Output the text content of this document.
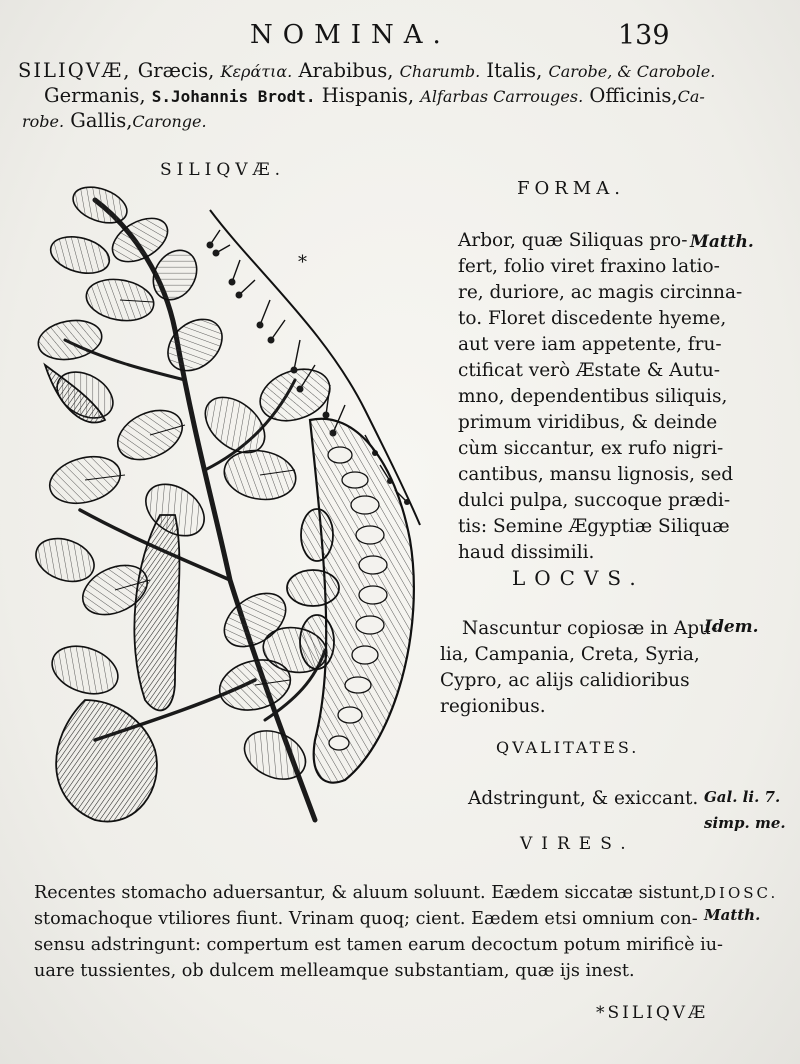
NOMINA.	139
SILIQVÆ, Græcis, Κεράτια. Arabibus, Charumb. Italis, Carobe, & Carobole.
Germanis, S.Johannis Brodt. Hispanis, Alfarbas Carrouges. Officinis,Ca-
robe. Gallis,Caronge.
SILIQVÆ.
*
FORMA.
Arbor, quæ Siliquas pro-
fert, folio viret fraxino latio-
re, duriore, ac magis circinna-
to. Floret discedente hyeme,
aut vere iam appetente, fru-
ctificat verò Æstate & Autu-
mno, dependentibus siliquis,
primum viridibus, & deinde
cùm siccantur, ex rufo nigri-
cantibus, mansu lignosis, sed
dulci pulpa, succoque prædi-
tis: Semine Ægyptiæ Siliquæ
haud dissimili.
Matth.
LOCVS.
Nascuntur copiosæ in Apu-
lia, Campania, Creta, Syria,
Cypro, ac alijs calidioribus
regionibus.
Idem.
QVALITATES.
Adstringunt, & exiccant. Gal. li. 7.
simp. me.
VIRES.
Recentes stomacho aduersantur, & aluum soluunt. Eædem siccatæ sistunt,
stomachoque vtiliores fiunt. Vrinam quoq; cient. Eædem etsi omnium con-
sensu adstringunt: compertum est tamen earum decoctum potum mirificè iu-
uare tussientes, ob dulcem melleamque substantiam, quæ ijs inest.
DIOSC.
Matth.
*SILIQVÆ
